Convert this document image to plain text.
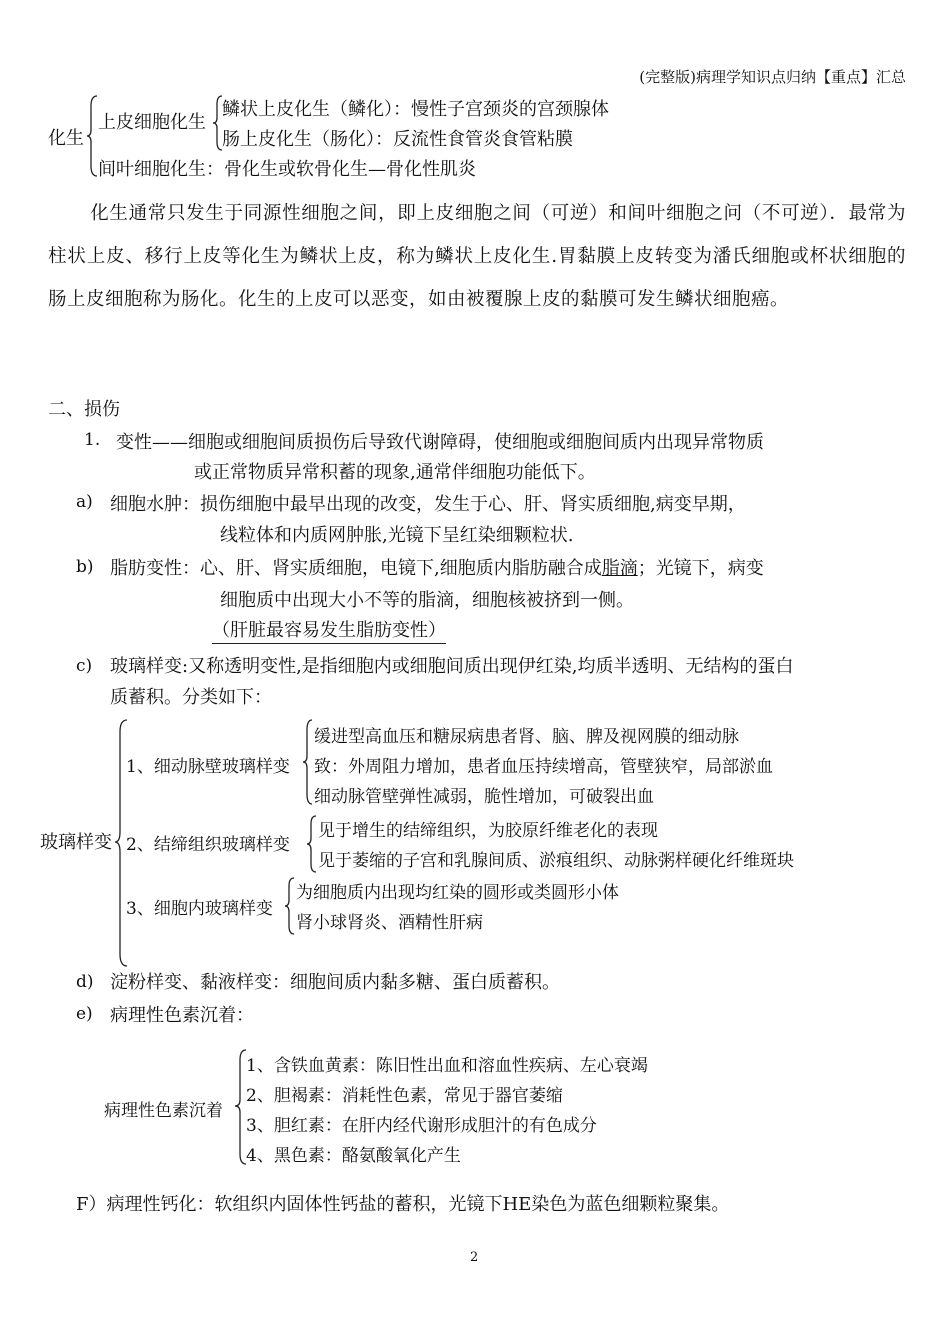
(完整版)病理学知识点归纳【重点】汇总
化生
上皮细胞化生
鳞状上皮化生（鳞化）：慢性子宫颈炎的宫颈腺体
肠上皮化生（肠化）：反流性食管炎食管粘膜
间叶细胞化生：骨化生或软骨化生—骨化性肌炎
化生通常只发生于同源性细胞之间，即上皮细胞之间（可逆）和间叶细胞之问（不可逆）．最常为柱状上皮、移行上皮等化生为鳞状上皮，称为鳞状上皮化生.胃黏膜上皮转变为潘氏细胞或杯状细胞的肠上皮细胞称为肠化。化生的上皮可以恶变，如由被覆腺上皮的黏膜可发生鳞状细胞癌。
二、损伤
1. 变性——细胞或细胞间质损伤后导致代谢障碍，使细胞或细胞间质内出现异常物质
或正常物质异常积蓄的现象,通常伴细胞功能低下。
a) 细胞水肿：损伤细胞中最早出现的改变，发生于心、肝、肾实质细胞,病变早期，
线粒体和内质网肿胀,光镜下呈红染细颗粒状.
b) 脂肪变性：心、肝、肾实质细胞，电镜下,细胞质内脂肪融合成脂滴；光镜下，病变
细胞质中出现大小不等的脂滴，细胞核被挤到一侧。
（肝脏最容易发生脂肪变性）
c) 玻璃样变:又称透明变性,是指细胞内或细胞间质出现伊红染,均质半透明、无结构的蛋白
质蓄积。分类如下：
玻璃样变
1、细动脉壁玻璃样变
缓进型高血压和糖尿病患者肾、脑、脾及视网膜的细动脉
致：外周阻力增加，患者血压持续增高，管壁狭窄，局部淤血
细动脉管壁弹性减弱，脆性增加，可破裂出血
2、结缔组织玻璃样变
见于增生的结缔组织，为胶原纤维老化的表现
见于萎缩的子宫和乳腺间质、淤痕组织、动脉粥样硬化纤维斑块
3、细胞内玻璃样变
为细胞质内出现均红染的圆形或类圆形小体
肾小球肾炎、酒精性肝病
d) 淀粉样变、黏液样变：细胞间质内黏多糖、蛋白质蓄积。
e) 病理性色素沉着：
病理性色素沉着
1、含铁血黄素：陈旧性出血和溶血性疾病、左心衰竭
2、胆褐素：消耗性色素，常见于器官萎缩
3、胆红素：在肝内经代谢形成胆汁的有色成分
4、黑色素：酪氨酸氧化产生
F）病理性钙化：软组织内固体性钙盐的蓄积，光镜下HE染色为蓝色细颗粒聚集。
2
